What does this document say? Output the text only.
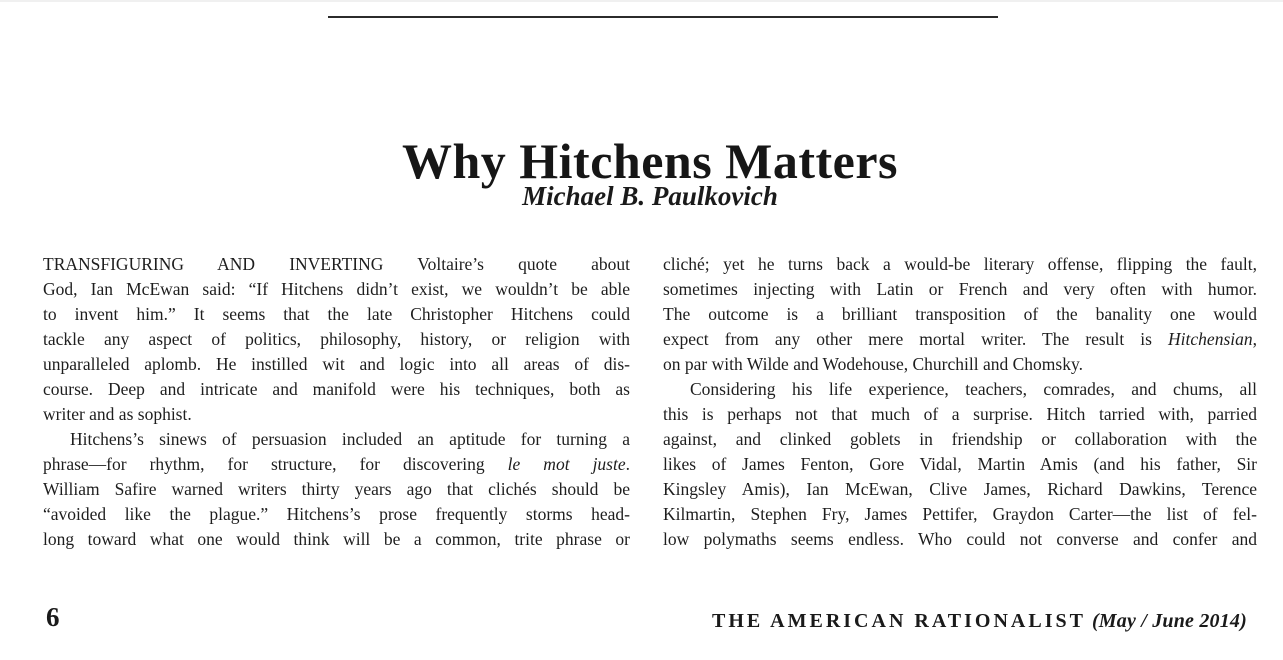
Why Hitchens Matters
Michael B. Paulkovich
TRANSFIGURING AND INVERTING Voltaire’s quote about
God, Ian McEwan said: “If Hitchens didn’t exist, we wouldn’t be able
to invent him.” It seems that the late Christopher Hitchens could
tackle any aspect of politics, philosophy, history, or religion with
unparalleled aplomb. He instilled wit and logic into all areas of dis-
course. Deep and intricate and manifold were his techniques, both as
writer and as sophist.
Hitchens’s sinews of persuasion included an aptitude for turning a
phrase—for rhythm, for structure, for discovering le mot juste.
William Safire warned writers thirty years ago that clichés should be
“avoided like the plague.” Hitchens’s prose frequently storms head-
long toward what one would think will be a common, trite phrase or
cliché; yet he turns back a would-be literary offense, flipping the fault,
sometimes injecting with Latin or French and very often with humor.
The outcome is a brilliant transposition of the banality one would
expect from any other mere mortal writer. The result is Hitchensian,
on par with Wilde and Wodehouse, Churchill and Chomsky.
Considering his life experience, teachers, comrades, and chums, all
this is perhaps not that much of a surprise. Hitch tarried with, parried
against, and clinked goblets in friendship or collaboration with the
likes of James Fenton, Gore Vidal, Martin Amis (and his father, Sir
Kingsley Amis), Ian McEwan, Clive James, Richard Dawkins, Terence
Kilmartin, Stephen Fry, James Pettifer, Graydon Carter—the list of fel-
low polymaths seems endless. Who could not converse and confer and
6	THE AMERICAN RATIONALIST (May / June 2014)
